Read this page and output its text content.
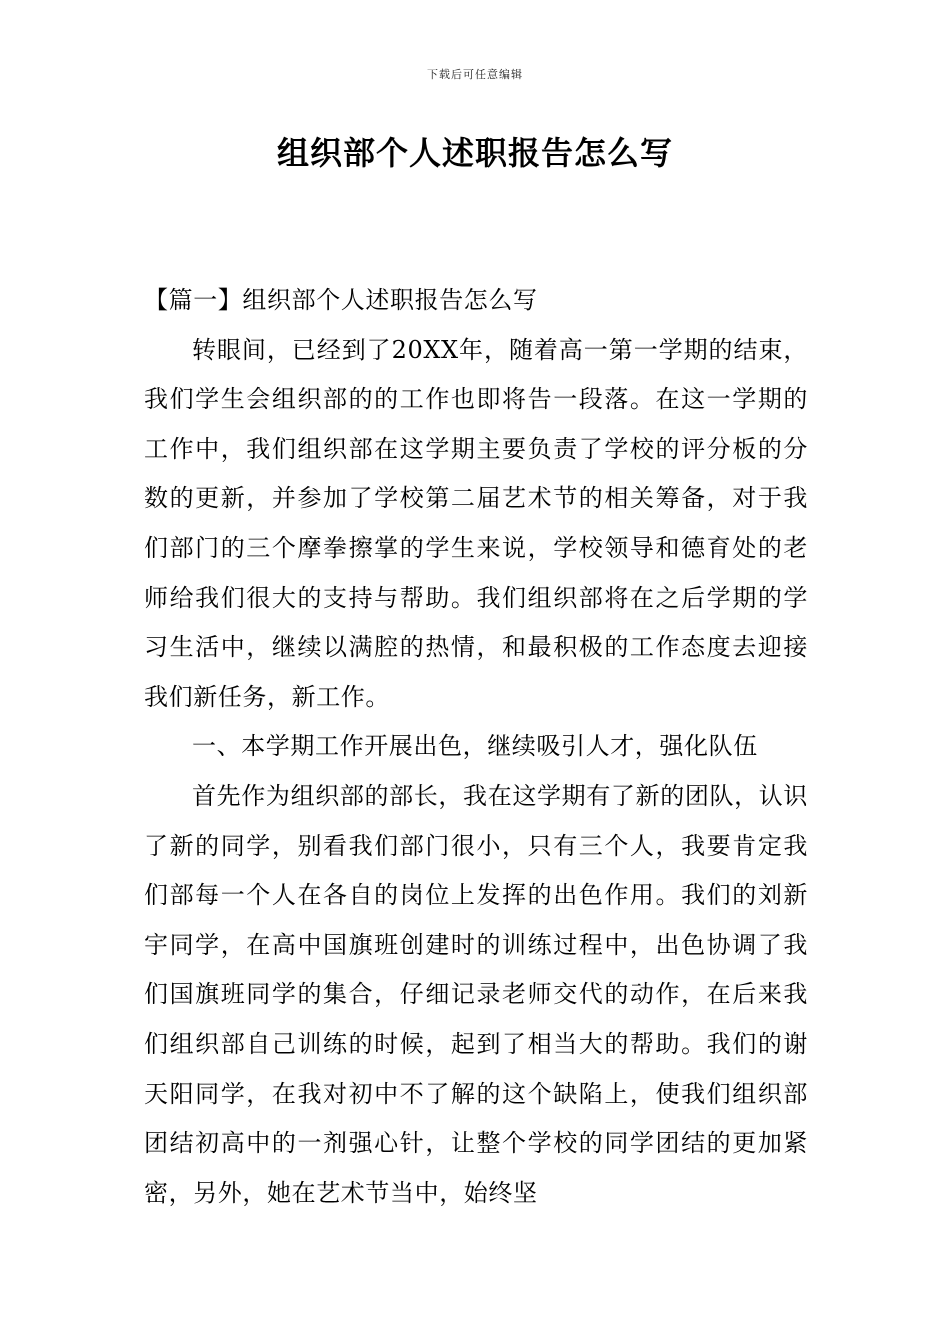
下载后可任意编辑
组织部个人述职报告怎么写

【篇一】组织部个人述职报告怎么写

转眼间，已经到了20XX年，随着高一第一学期的结束，我们学生会组织部的的工作也即将告一段落。在这一学期的工作中，我们组织部在这学期主要负责了学校的评分板的分数的更新，并参加了学校第二届艺术节的相关筹备，对于我们部门的三个摩拳擦掌的学生来说，学校领导和德育处的老师给我们很大的支持与帮助。我们组织部将在之后学期的学习生活中，继续以满腔的热情，和最积极的工作态度去迎接我们新任务，新工作。

一、本学期工作开展出色，继续吸引人才，强化队伍

首先作为组织部的部长，我在这学期有了新的团队，认识了新的同学，别看我们部门很小，只有三个人，我要肯定我们部每一个人在各自的岗位上发挥的出色作用。我们的刘新宇同学，在高中国旗班创建时的训练过程中，出色协调了我们国旗班同学的集合，仔细记录老师交代的动作，在后来我们组织部自己训练的时候，起到了相当大的帮助。我们的谢天阳同学，在我对初中不了解的这个缺陷上，使我们组织部团结初高中的一剂强心针，让整个学校的同学团结的更加紧密，另外，她在艺术节当中，始终坚
